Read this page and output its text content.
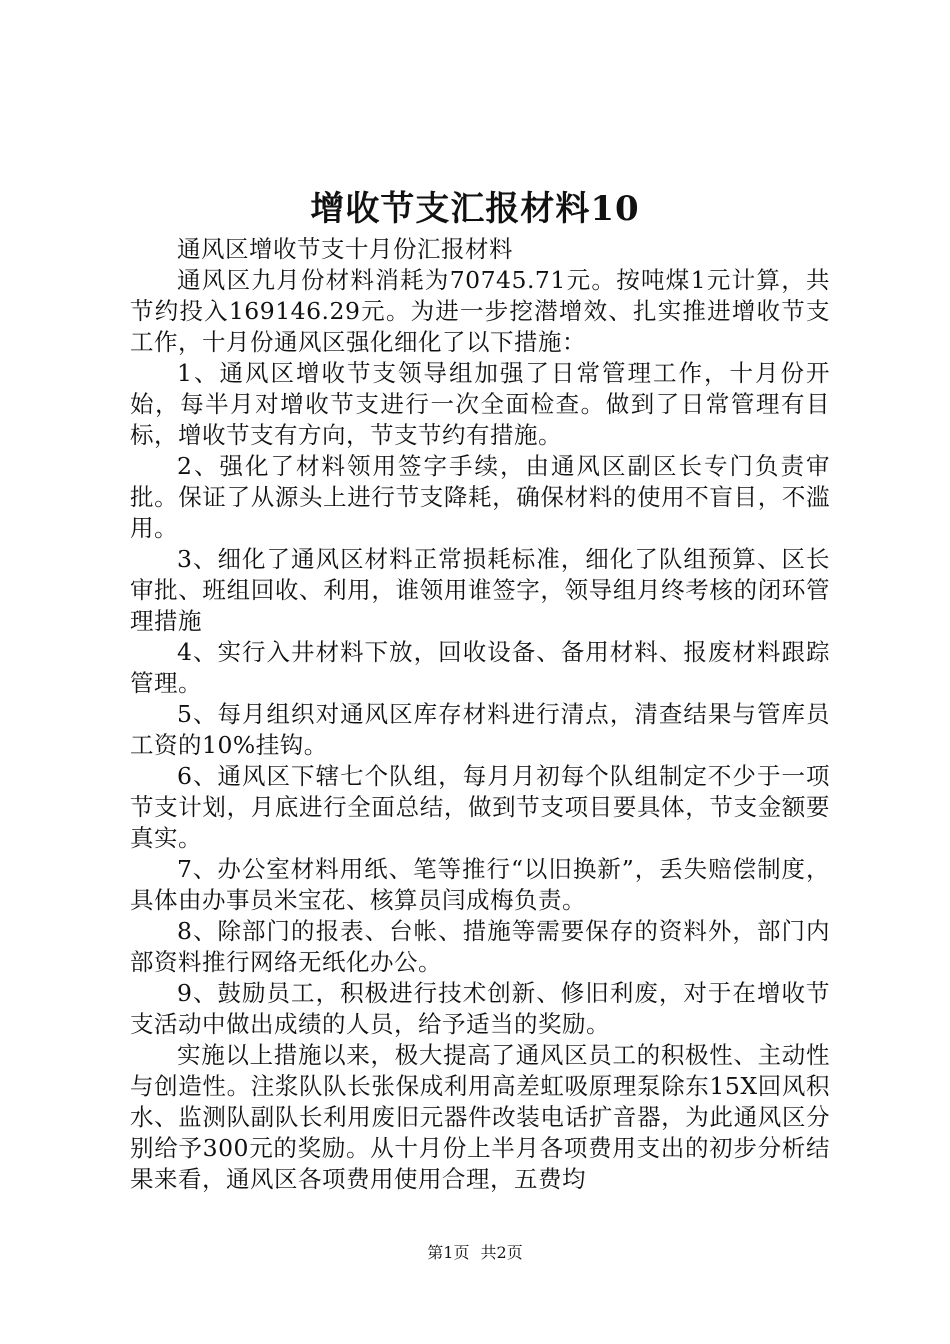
增收节支汇报材料10

通风区增收节支十月份汇报材料

通风区九月份材料消耗为70745.71元。按吨煤1元计算，共节约投入169146.29元。为进一步挖潜增效、扎实推进增收节支工作，十月份通风区强化细化了以下措施：

1、通风区增收节支领导组加强了日常管理工作，十月份开始，每半月对增收节支进行一次全面检查。做到了日常管理有目标，增收节支有方向，节支节约有措施。

2、强化了材料领用签字手续，由通风区副区长专门负责审批。保证了从源头上进行节支降耗，确保材料的使用不盲目，不滥用。

3、细化了通风区材料正常损耗标准，细化了队组预算、区长审批、班组回收、利用，谁领用谁签字，领导组月终考核的闭环管理措施

4、实行入井材料下放，回收设备、备用材料、报废材料跟踪管理。

5、每月组织对通风区库存材料进行清点，清查结果与管库员工资的10%挂钩。

6、通风区下辖七个队组，每月月初每个队组制定不少于一项节支计划，月底进行全面总结，做到节支项目要具体，节支金额要真实。

7、办公室材料用纸、笔等推行“以旧换新”，丢失赔偿制度，具体由办事员米宝花、核算员闫成梅负责。

8、除部门的报表、台帐、措施等需要保存的资料外，部门内部资料推行网络无纸化办公。

9、鼓励员工，积极进行技术创新、修旧利废，对于在增收节支活动中做出成绩的人员，给予适当的奖励。

实施以上措施以来，极大提高了通风区员工的积极性、主动性与创造性。注浆队队长张保成利用高差虹吸原理泵除东15X回风积水、监测队副队长利用废旧元器件改装电话扩音器，为此通风区分别给予300元的奖励。从十月份上半月各项费用支出的初步分析结果来看，通风区各项费用使用合理，五费均

第1页 共2页
